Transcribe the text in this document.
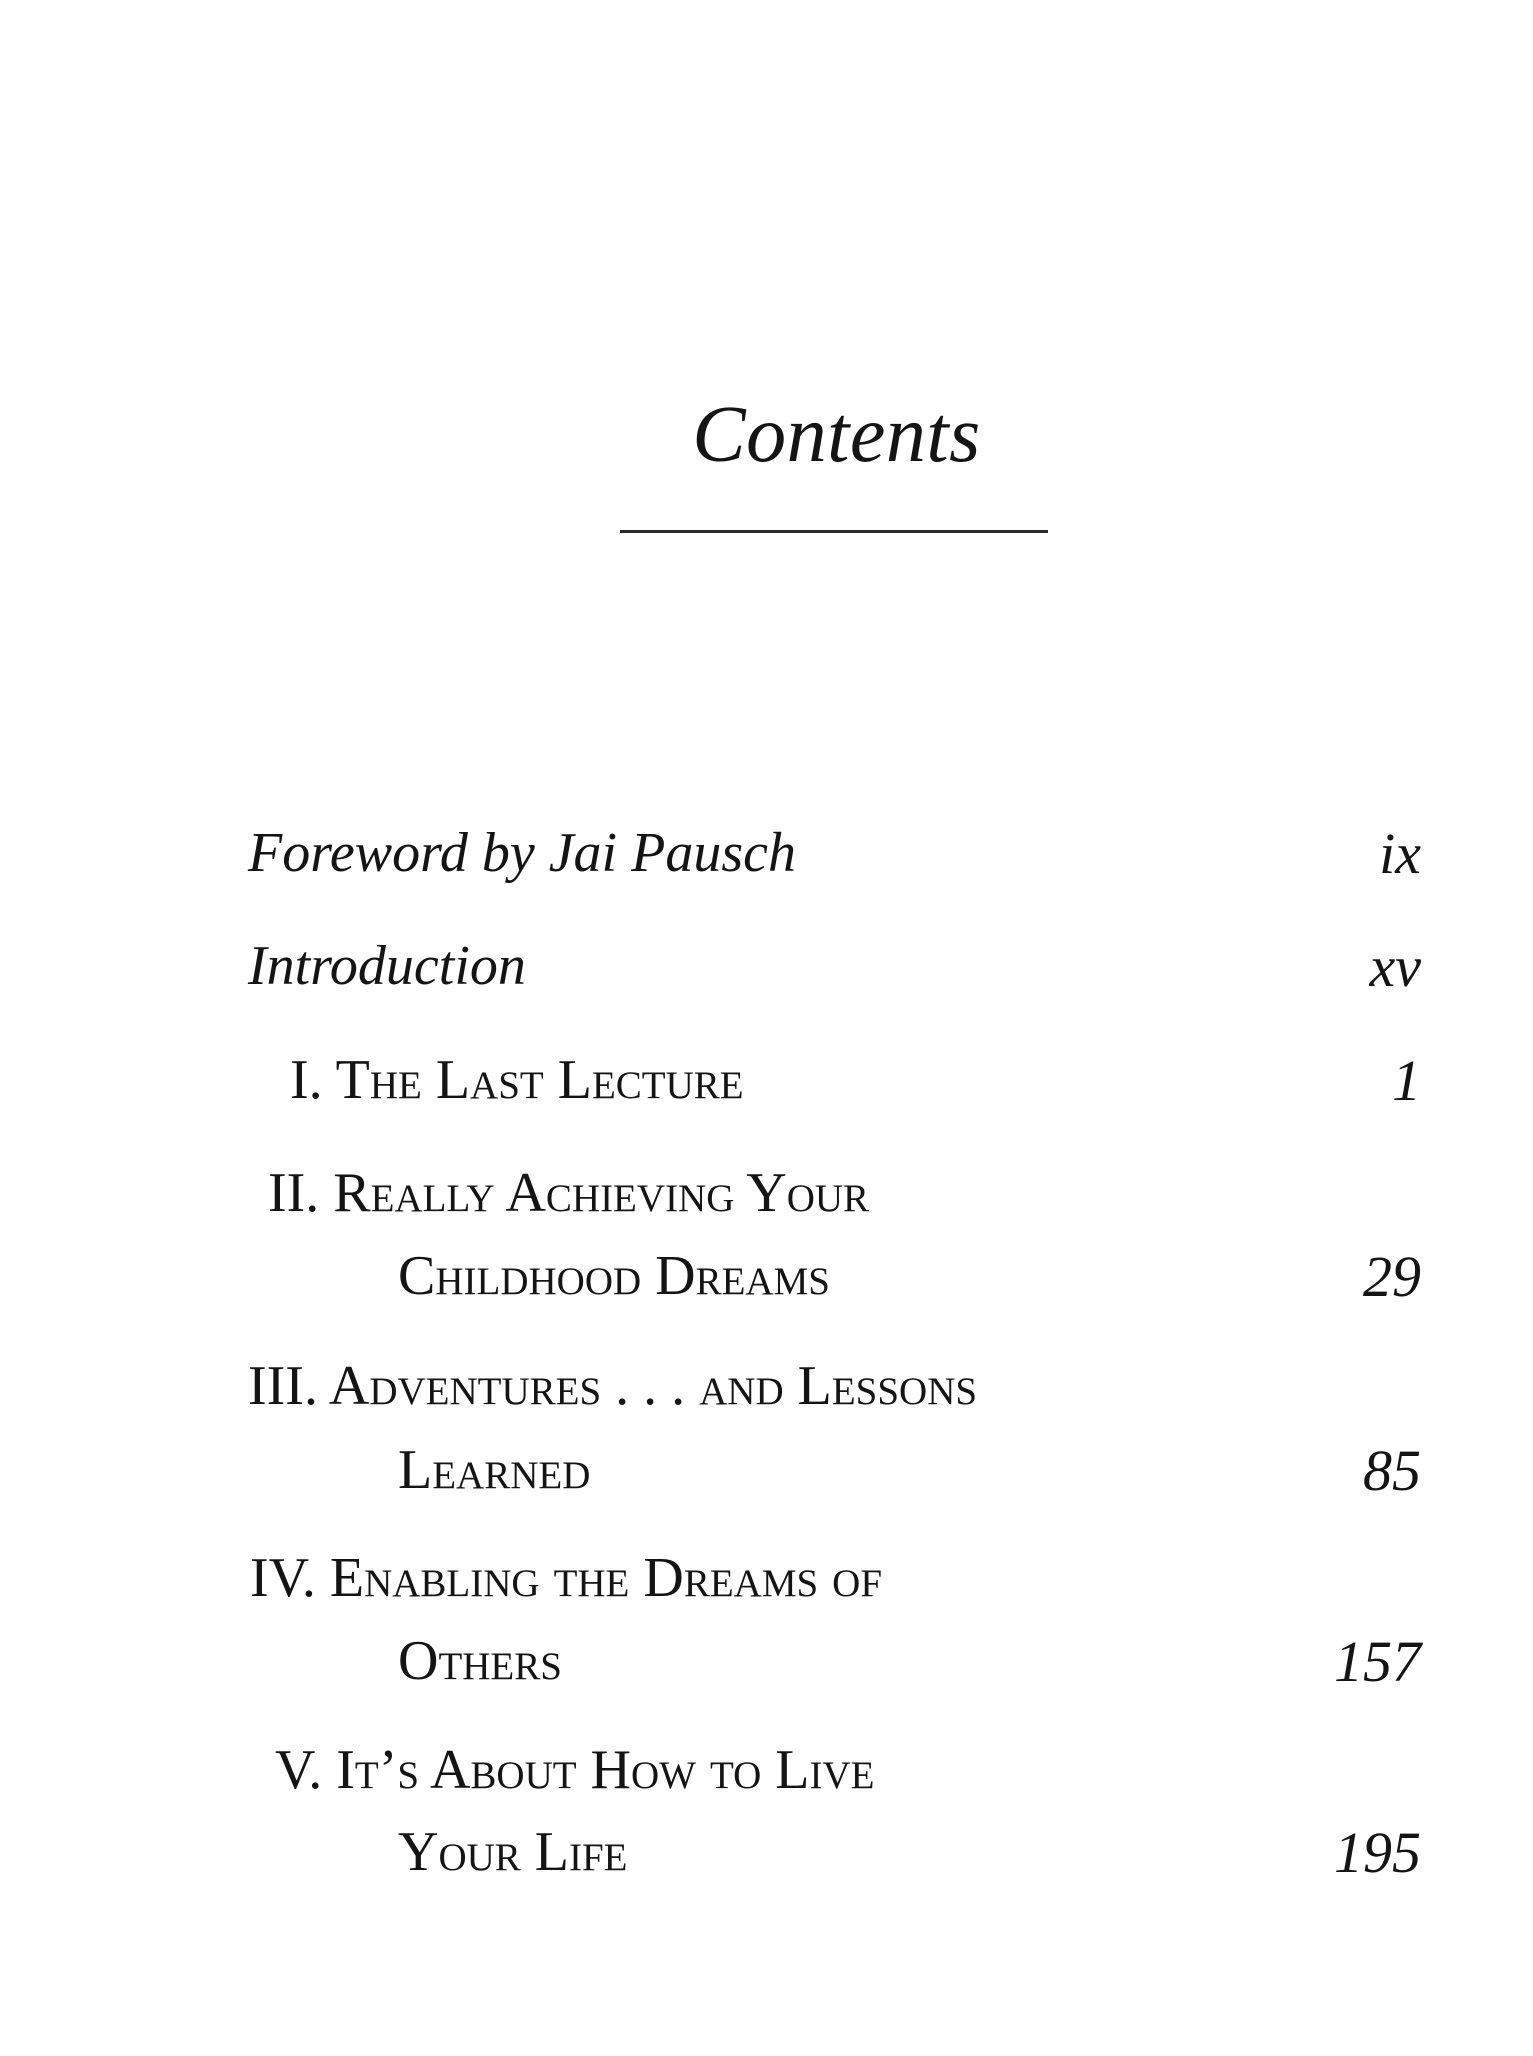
Contents
Foreword by Jai Pausch	ix
Introduction	xv
I. The Last Lecture	1
II. Really Achieving Your
Childhood Dreams	29
III. Adventures . . . and Lessons
Learned	85
IV. Enabling the Dreams of
Others	157
V. It’s About How to Live
Your Life	195
